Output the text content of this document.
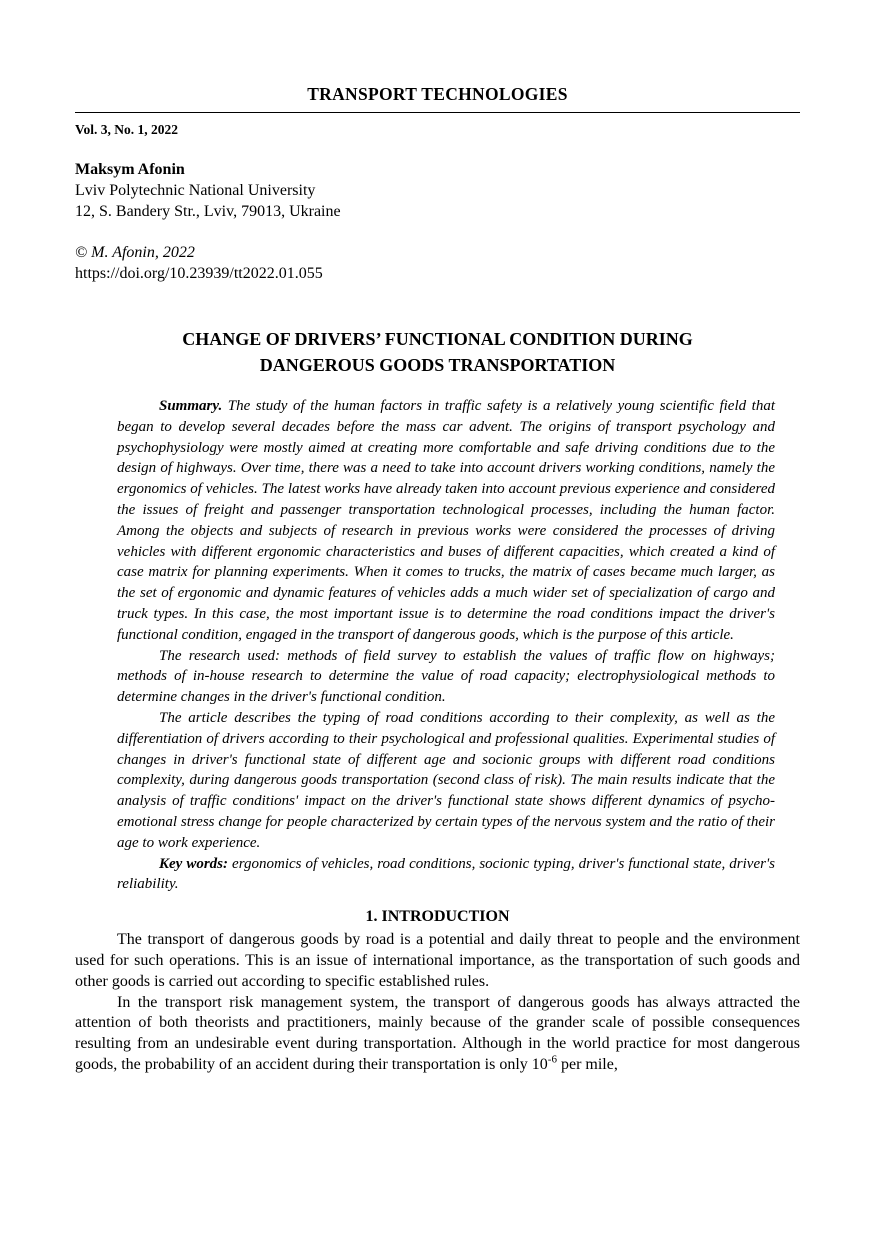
TRANSPORT TECHNOLOGIES
Vol. 3, No. 1, 2022
Maksym Afonin
Lviv Polytechnic National University
12, S. Bandery Str., Lviv, 79013, Ukraine
© M. Afonin, 2022
https://doi.org/10.23939/tt2022.01.055
CHANGE OF DRIVERS’ FUNCTIONAL CONDITION DURING
DANGEROUS GOODS TRANSPORTATION

Summary. The study of the human factors in traffic safety is a relatively young scientific field that began to develop several decades before the mass car advent. The origins of transport psychology and psychophysiology were mostly aimed at creating more comfortable and safe driving conditions due to the design of highways. Over time, there was a need to take into account drivers working conditions, namely the ergonomics of vehicles. The latest works have already taken into account previous experience and considered the issues of freight and passenger transportation technological processes, including the human factor. Among the objects and subjects of research in previous works were considered the processes of driving vehicles with different ergonomic characteristics and buses of different capacities, which created a kind of case matrix for planning experiments. When it comes to trucks, the matrix of cases became much larger, as the set of ergonomic and dynamic features of vehicles adds a much wider set of specialization of cargo and truck types. In this case, the most important issue is to determine the road conditions impact the driver's functional condition, engaged in the transport of dangerous goods, which is the purpose of this article.

The research used: methods of field survey to establish the values of traffic flow on highways; methods of in-house research to determine the value of road capacity; electrophysiological methods to determine changes in the driver's functional condition.

The article describes the typing of road conditions according to their complexity, as well as the differentiation of drivers according to their psychological and professional qualities. Experimental studies of changes in driver's functional state of different age and socionic groups with different road conditions complexity, during dangerous goods transportation (second class of risk). The main results indicate that the analysis of traffic conditions' impact on the driver's functional state shows different dynamics of psycho-emotional stress change for people characterized by certain types of the nervous system and the ratio of their age to work experience.

Key words: ergonomics of vehicles, road conditions, socionic typing, driver's functional state, driver's reliability.

1. INTRODUCTION

The transport of dangerous goods by road is a potential and daily threat to people and the environment used for such operations. This is an issue of international importance, as the transportation of such goods and other goods is carried out according to specific established rules.

In the transport risk management system, the transport of dangerous goods has always attracted the attention of both theorists and practitioners, mainly because of the grander scale of possible consequences resulting from an undesirable event during transportation. Although in the world practice for most dangerous goods, the probability of an accident during their transportation is only $10^{-6}$ per mile,
